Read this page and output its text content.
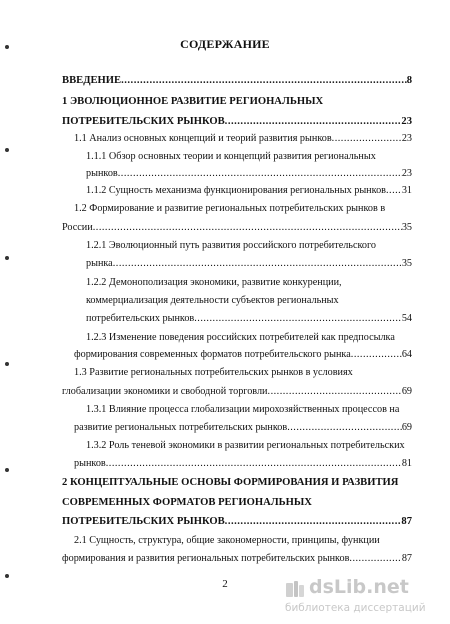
СОДЕРЖАНИЕ
ВВЕДЕНИЕ .....	8
1 ЭВОЛЮЦИОННОЕ РАЗВИТИЕ РЕГИОНАЛЬНЫХ
ПОТРЕБИТЕЛЬСКИХ РЫНКОВ .....	23
1.1 Анализ основных концепций и теорий развития рынков .....	23
1.1.1 Обзор основных теории и концепций развития региональных
рынков .....	23
1.1.2 Сущность механизма функционирования региональных рынков ..... 31
1.2 Формирование и развитие региональных потребительских рынков в
России .....	35
1.2.1 Эволюционный путь развития российского потребительского
рынка .....	35
1.2.2 Демонополизация экономики, развитие конкуренции,
коммерциализация деятельности субъектов региональных
потребительских рынков .....	54
1.2.3 Изменение поведения российских потребителей как предпосылка
формирования современных форматов потребительского рынка .....	64
1.3 Развитие региональных потребительских рынков в условиях
глобализации экономики и свободной торговли .....	69
1.3.1 Влияние процесса глобализации мирохозяйственных процессов на
развитие региональных потребительских рынков .....	69
1.3.2 Роль теневой экономики в развитии региональных потребительских
рынков .....	81
2 КОНЦЕПТУАЛЬНЫЕ ОСНОВЫ ФОРМИРОВАНИЯ И РАЗВИТИЯ
СОВРЕМЕННЫХ ФОРМАТОВ РЕГИОНАЛЬНЫХ
ПОТРЕБИТЕЛЬСКИХ РЫНКОВ .....	87
2.1 Сущность, структура, общие закономерности, принципы, функции
формирования и развития региональных потребительских рынков .....	87
2	dsLib.net
библиотека диссертаций
